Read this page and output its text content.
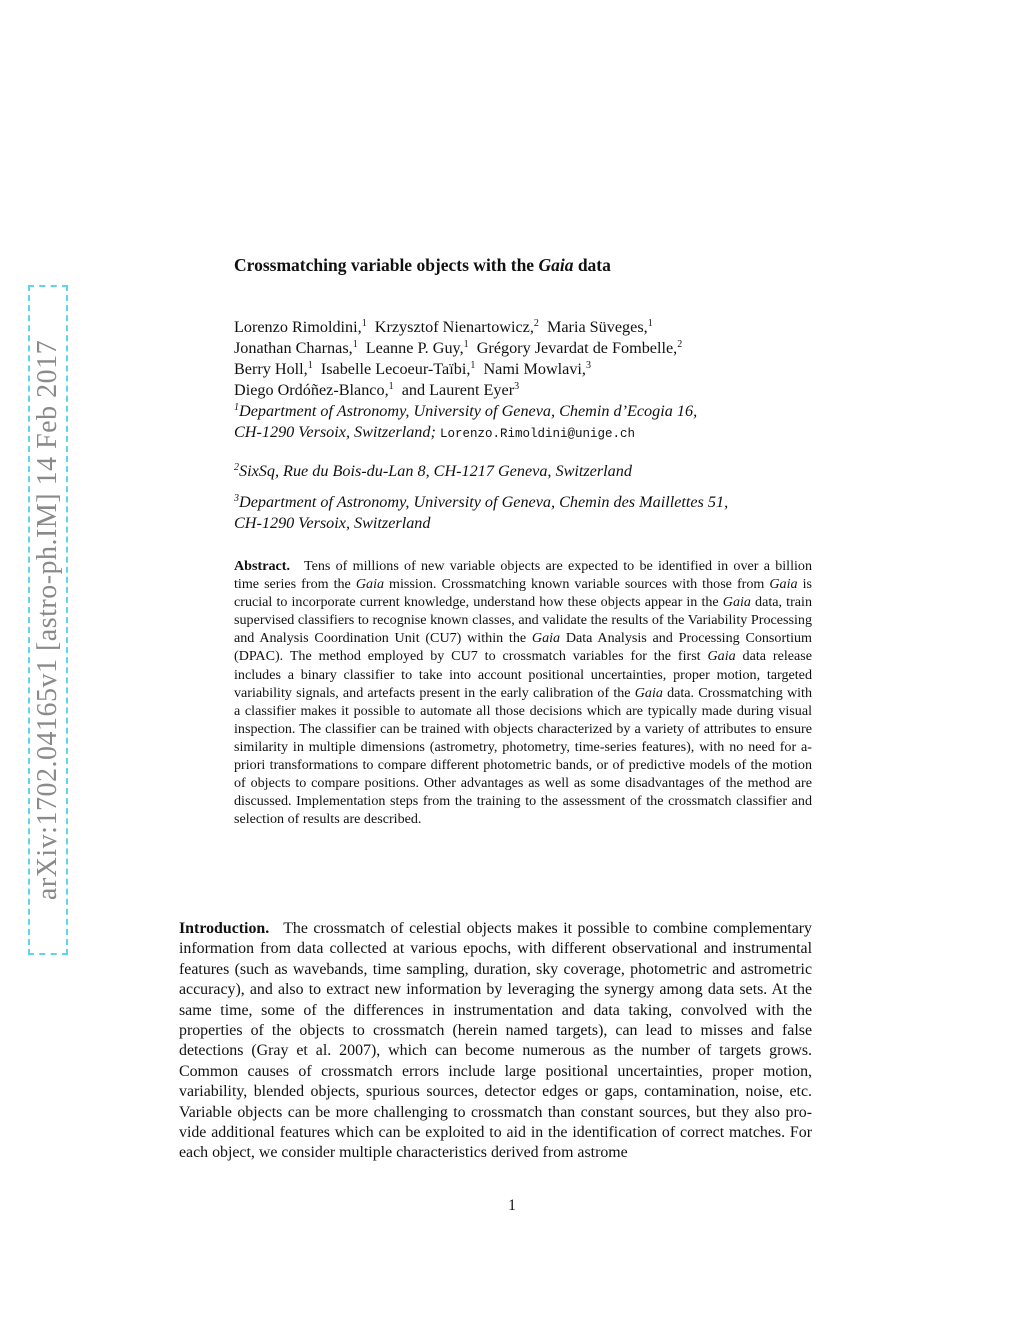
arXiv:1702.04165v1 [astro-ph.IM] 14 Feb 2017
Crossmatching variable objects with the Gaia data
Lorenzo Rimoldini,$^1$ Krzysztof Nienartowicz,$^2$ Maria Süveges,$^1$
Jonathan Charnas,$^1$ Leanne P. Guy,$^1$ Grégory Jevardat de Fombelle,$^2$
Berry Holl,$^1$ Isabelle Lecoeur-Taïbi,$^1$ Nami Mowlavi,$^3$
Diego Ordóñez-Blanco,$^1$ and Laurent Eyer$^3$
$^1$Department of Astronomy, University of Geneva, Chemin d’Ecogia 16,
CH-1290 Versoix, Switzerland; Lorenzo.Rimoldini@unige.ch
$^2$SixSq, Rue du Bois-du-Lan 8, CH-1217 Geneva, Switzerland
$^3$Department of Astronomy, University of Geneva, Chemin des Maillettes 51,
CH-1290 Versoix, Switzerland
Abstract. Tens of millions of new variable objects are expected to be identified in over a billion time series from the Gaia mission. Crossmatching known variable sources with those from Gaia is crucial to incorporate current knowledge, understand how these objects appear in the Gaia data, train supervised classifiers to recognise known classes, and validate the results of the Variability Processing and Analysis Coordination Unit (CU7) within the Gaia Data Analysis and Processing Consortium (DPAC). The method employed by CU7 to crossmatch variables for the first Gaia data release includes a binary classifier to take into account positional uncertainties, proper motion, targeted variability signals, and artefacts present in the early calibration of the Gaia data. Crossmatching with a classifier makes it possible to automate all those decisions which are typically made during visual inspection. The classifier can be trained with objects characterized by a variety of attributes to ensure similarity in multiple dimensions (astrometry, photometry, time-series features), with no need for a-priori transformations to compare different photometric bands, or of predictive models of the motion of objects to compare positions. Other advantages as well as some disadvantages of the method are discussed. Implementation steps from the training to the assessment of the crossmatch classifier and selection of results are described.
Introduction. The crossmatch of celestial objects makes it possible to combine complementary information from data collected at various epochs, with different observational and instrumental features (such as wavebands, time sampling, duration, sky coverage, photometric and astrometric accuracy), and also to extract new information by leveraging the synergy among data sets. At the same time, some of the differences in instrumentation and data taking, convolved with the properties of the objects to crossmatch (herein named targets), can lead to misses and false detections (Gray et al. 2007), which can become numerous as the number of targets grows. Common causes of crossmatch errors include large positional uncertainties, proper motion, variability, blended objects, spurious sources, detector edges or gaps, contamination, noise, etc. Variable objects can be more challenging to crossmatch than constant sources, but they also provide additional features which can be exploited to aid in the identification of correct matches. For each object, we consider multiple characteristics derived from astrome
1
